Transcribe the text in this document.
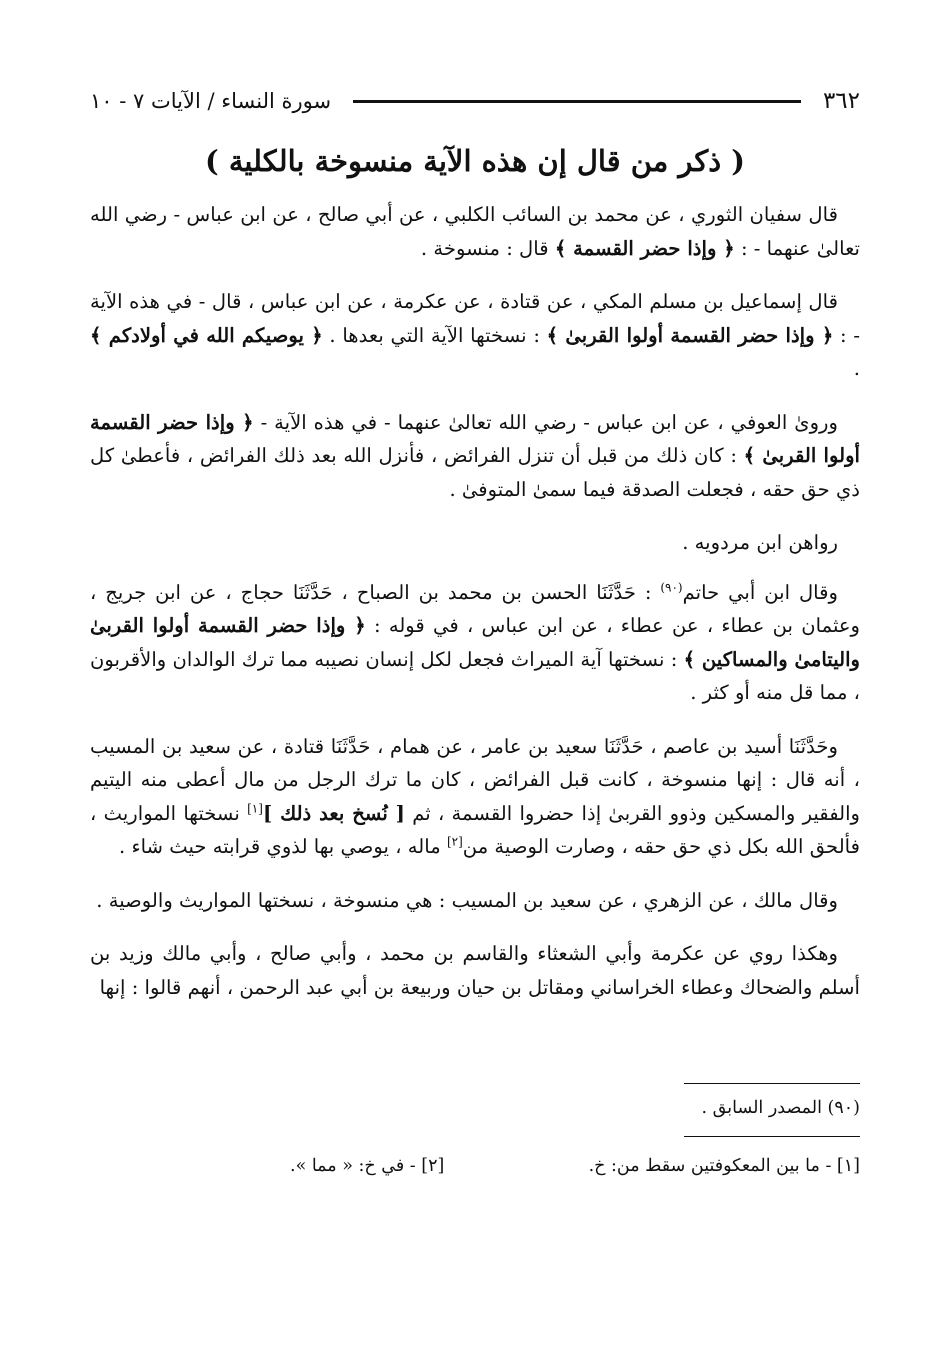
٣٦٢
سورة النساء / الآيات ٧ - ١٠
( ذكر من قال إن هذه الآية منسوخة بالكلية )

قال سفيان الثوري ، عن محمد بن السائب الكلبي ، عن أبي صالح ، عن ابن عباس - رضي الله تعالىٰ عنهما - : ﴿ وإذا حضر القسمة ﴾ قال : منسوخة .

قال إسماعيل بن مسلم المكي ، عن قتادة ، عن عكرمة ، عن ابن عباس ، قال - في هذه الآية - : ﴿ وإذا حضر القسمة أولوا القربىٰ ﴾ : نسختها الآية التي بعدها . ﴿ يوصيكم الله في أولادكم ﴾ .

وروىٰ العوفي ، عن ابن عباس - رضي الله تعالىٰ عنهما - في هذه الآية - ﴿ وإذا حضر القسمة أولوا القربىٰ ﴾ : كان ذلك من قبل أن تنزل الفرائض ، فأنزل الله بعد ذلك الفرائض ، فأعطىٰ كل ذي حق حقه ، فجعلت الصدقة فيما سمىٰ المتوفىٰ .

رواهن ابن مردويه .

وقال ابن أبي حاتم$^{(٩٠)}$ : حَدَّثَنَا الحسن بن محمد بن الصباح ، حَدَّثَنَا حجاج ، عن ابن جريج ، وعثمان بن عطاء ، عن عطاء ، عن ابن عباس ، في قوله : ﴿ وإذا حضر القسمة أولوا القربىٰ واليتامىٰ والمساكين ﴾ : نسختها آية الميراث فجعل لكل إنسان نصيبه مما ترك الوالدان والأقربون ، مما قل منه أو كثر .

وحَدَّثَنَا أسيد بن عاصم ، حَدَّثَنَا سعيد بن عامر ، عن همام ، حَدَّثَنَا قتادة ، عن سعيد بن المسيب ، أنه قال : إنها منسوخة ، كانت قبل الفرائض ، كان ما ترك الرجل من مال أعطى منه اليتيم والفقير والمسكين وذوو القربىٰ إذا حضروا القسمة ، ثم [ نُسخ بعد ذلك ][١] نسختها المواريث ، فألحق الله بكل ذي حق حقه ، وصارت الوصية من[٢] ماله ، يوصي بها لذوي قرابته حيث شاء .

وقال مالك ، عن الزهري ، عن سعيد بن المسيب : هي منسوخة ، نسختها المواريث والوصية .

وهكذا روي عن عكرمة وأبي الشعثاء والقاسم بن محمد ، وأبي صالح ، وأبي مالك وزيد بن أسلم والضحاك وعطاء الخراساني ومقاتل بن حيان وربيعة بن أبي عبد الرحمن ، أنهم قالوا : إنها

(٩٠) المصدر السابق .

[١] - ما بين المعكوفتين سقط من: خ.
[٢] - في خ: « مما ».
